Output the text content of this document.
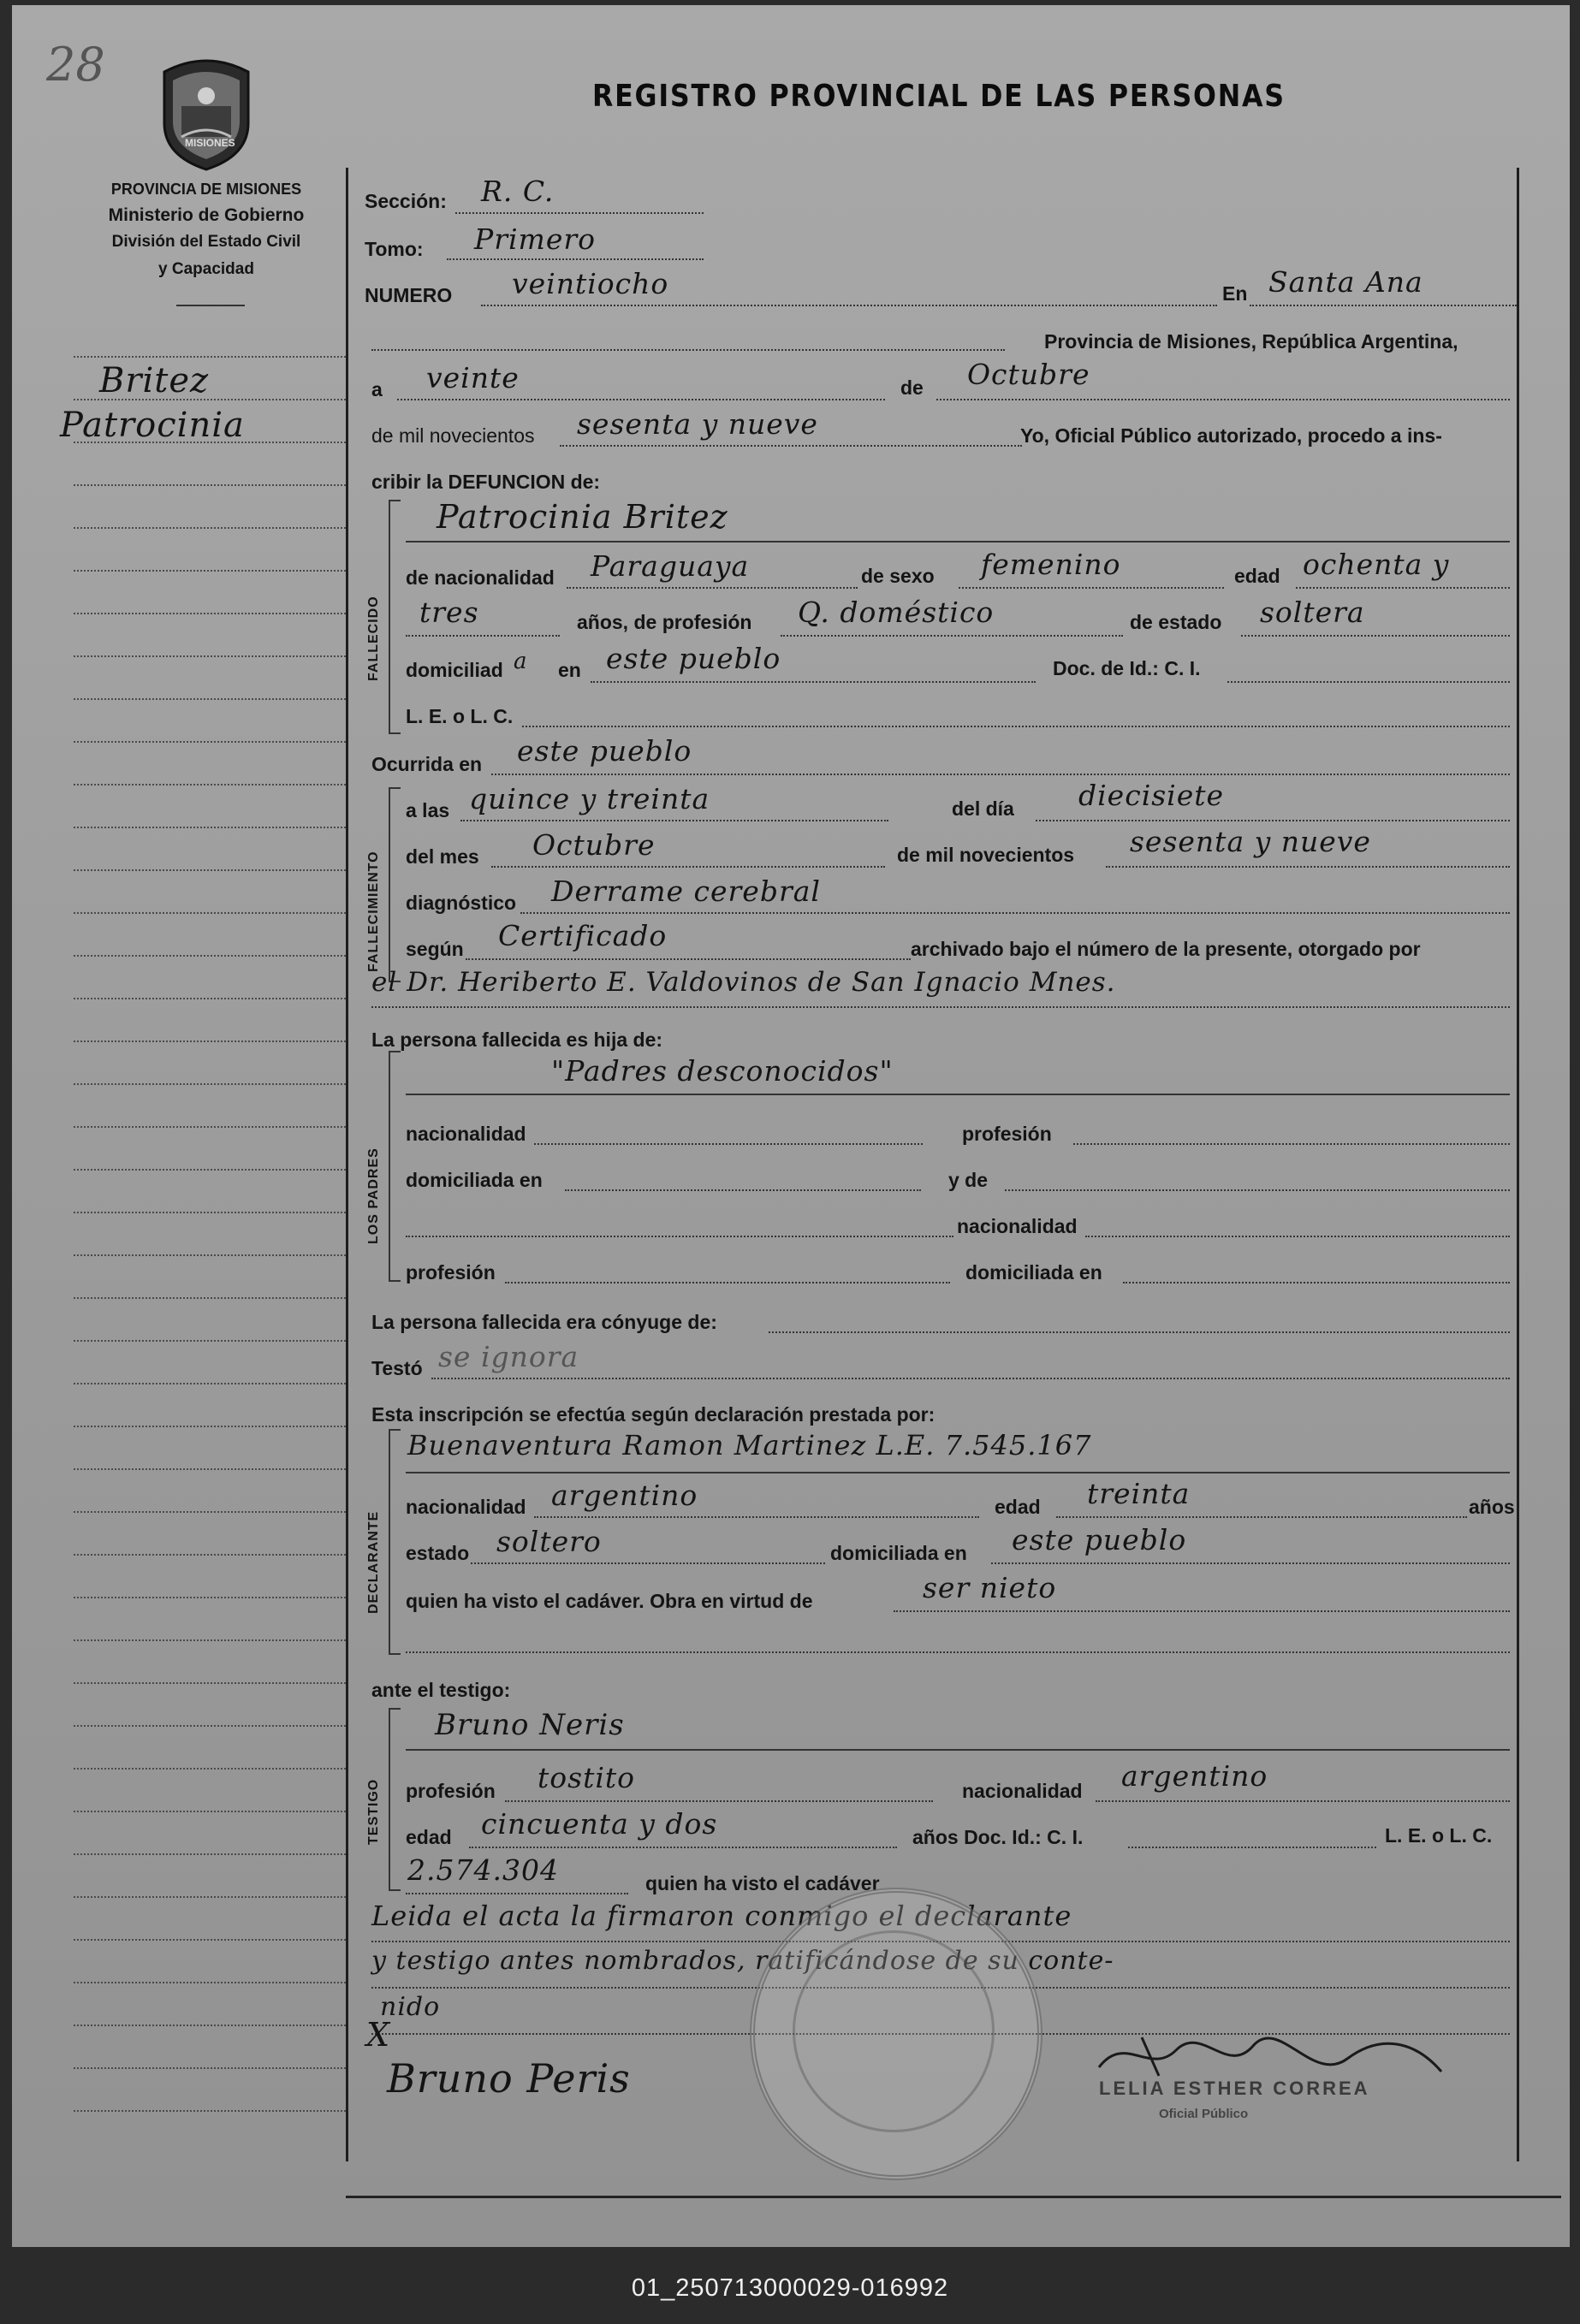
28
MISIONES
PROVINCIA DE MISIONES
Ministerio de Gobierno
División del Estado Civil
y Capacidad
REGISTRO PROVINCIAL DE LAS PERSONAS
Britez
Patrocinia
Sección: R. C.
Tomo: Primero
NUMERO veintiocho	En Santa Ana
Provincia de Misiones, República Argentina,
a veinte	de Octubre
de mil novecientos sesenta y nueve	Yo, Oficial Público autorizado, procedo a ins-
cribir la DEFUNCION de:
FALLECIDO
Patrocinia Britez
de nacionalidad Paraguaya	de sexo femenino	edad ochenta y
tres	años, de profesión Q. doméstico	de estado soltera
domiciliad a en este pueblo	Doc. de Id.: C. I.
L. E. o L. C.
Ocurrida en este pueblo
FALLECIMIENTO
a las quince y treinta	del día diecisiete
del mes Octubre	de mil novecientos sesenta y nueve
diagnóstico Derrame cerebral
según Certificado	archivado bajo el número de la presente, otorgado por
el Dr. Heriberto E. Valdovinos de San Ignacio Mnes.
La persona fallecida es hija de:
LOS PADRES
"Padres desconocidos"
nacionalidad	profesión
domiciliada en	y de
nacionalidad
profesión	domiciliada en
La persona fallecida era cónyuge de:
Testó se ignora
Esta inscripción se efectúa según declaración prestada por:
DECLARANTE
Buenaventura Ramon Martinez L.E. 7.545.167
nacionalidad argentino	edad treinta	años
estado soltero	domiciliada en este pueblo
quien ha visto el cadáver. Obra en virtud de	ser nieto
ante el testigo:
TESTIGO
Bruno Neris
profesión tostito	nacionalidad argentino
edad cincuenta y dos	años Doc. Id.: C. I.	L. E. o L. C.
2.574.304	quien ha visto el cadáver
Leida el acta la firmaron conmigo el declarante
y testigo antes nombrados, ratificándose de su conte-
nido
X
Bruno Peris	LELIA ESTHER CORREA
Oficial Público
01_250713000029-016992
